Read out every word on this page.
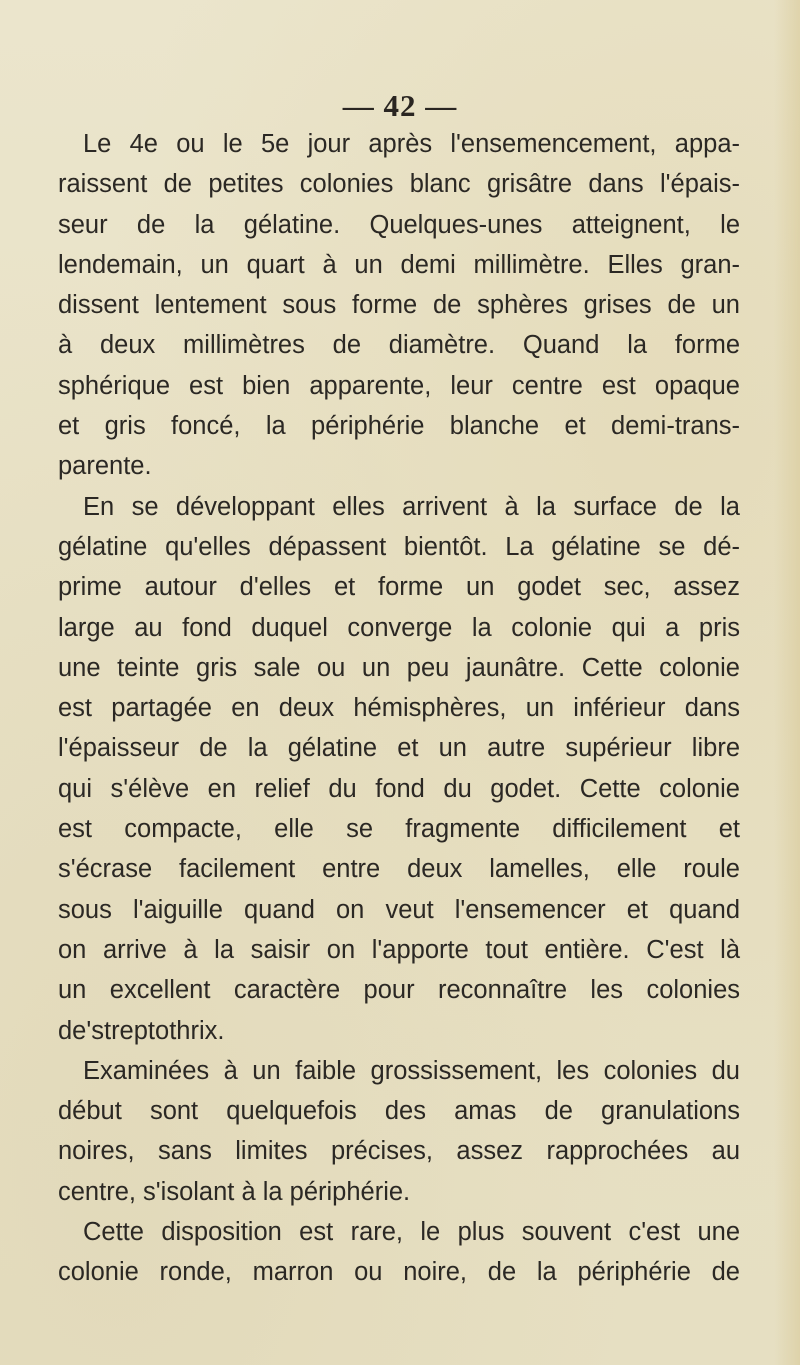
— 42 —
Le 4e ou le 5e jour après l'ensemencement, appa-
raissent de petites colonies blanc grisâtre dans l'épais-
seur de la gélatine. Quelques-unes atteignent, le
lendemain, un quart à un demi millimètre. Elles gran-
dissent lentement sous forme de sphères grises de un
à deux millimètres de diamètre. Quand la forme
sphérique est bien apparente, leur centre est opaque
et gris foncé, la périphérie blanche et demi-trans-
parente.
En se développant elles arrivent à la surface de la
gélatine qu'elles dépassent bientôt. La gélatine se dé-
prime autour d'elles et forme un godet sec, assez
large au fond duquel converge la colonie qui a pris
une teinte gris sale ou un peu jaunâtre. Cette colonie
est partagée en deux hémisphères, un inférieur dans
l'épaisseur de la gélatine et un autre supérieur libre
qui s'élève en relief du fond du godet. Cette colonie
est compacte, elle se fragmente difficilement et
s'écrase facilement entre deux lamelles, elle roule
sous l'aiguille quand on veut l'ensemencer et quand
on arrive à la saisir on l'apporte tout entière. C'est là
un excellent caractère pour reconnaître les colonies
de'streptothrix.
Examinées à un faible grossissement, les colonies du
début sont quelquefois des amas de granulations
noires, sans limites précises, assez rapprochées au
centre, s'isolant à la périphérie.
Cette disposition est rare, le plus souvent c'est une
colonie ronde, marron ou noire, de la périphérie de
